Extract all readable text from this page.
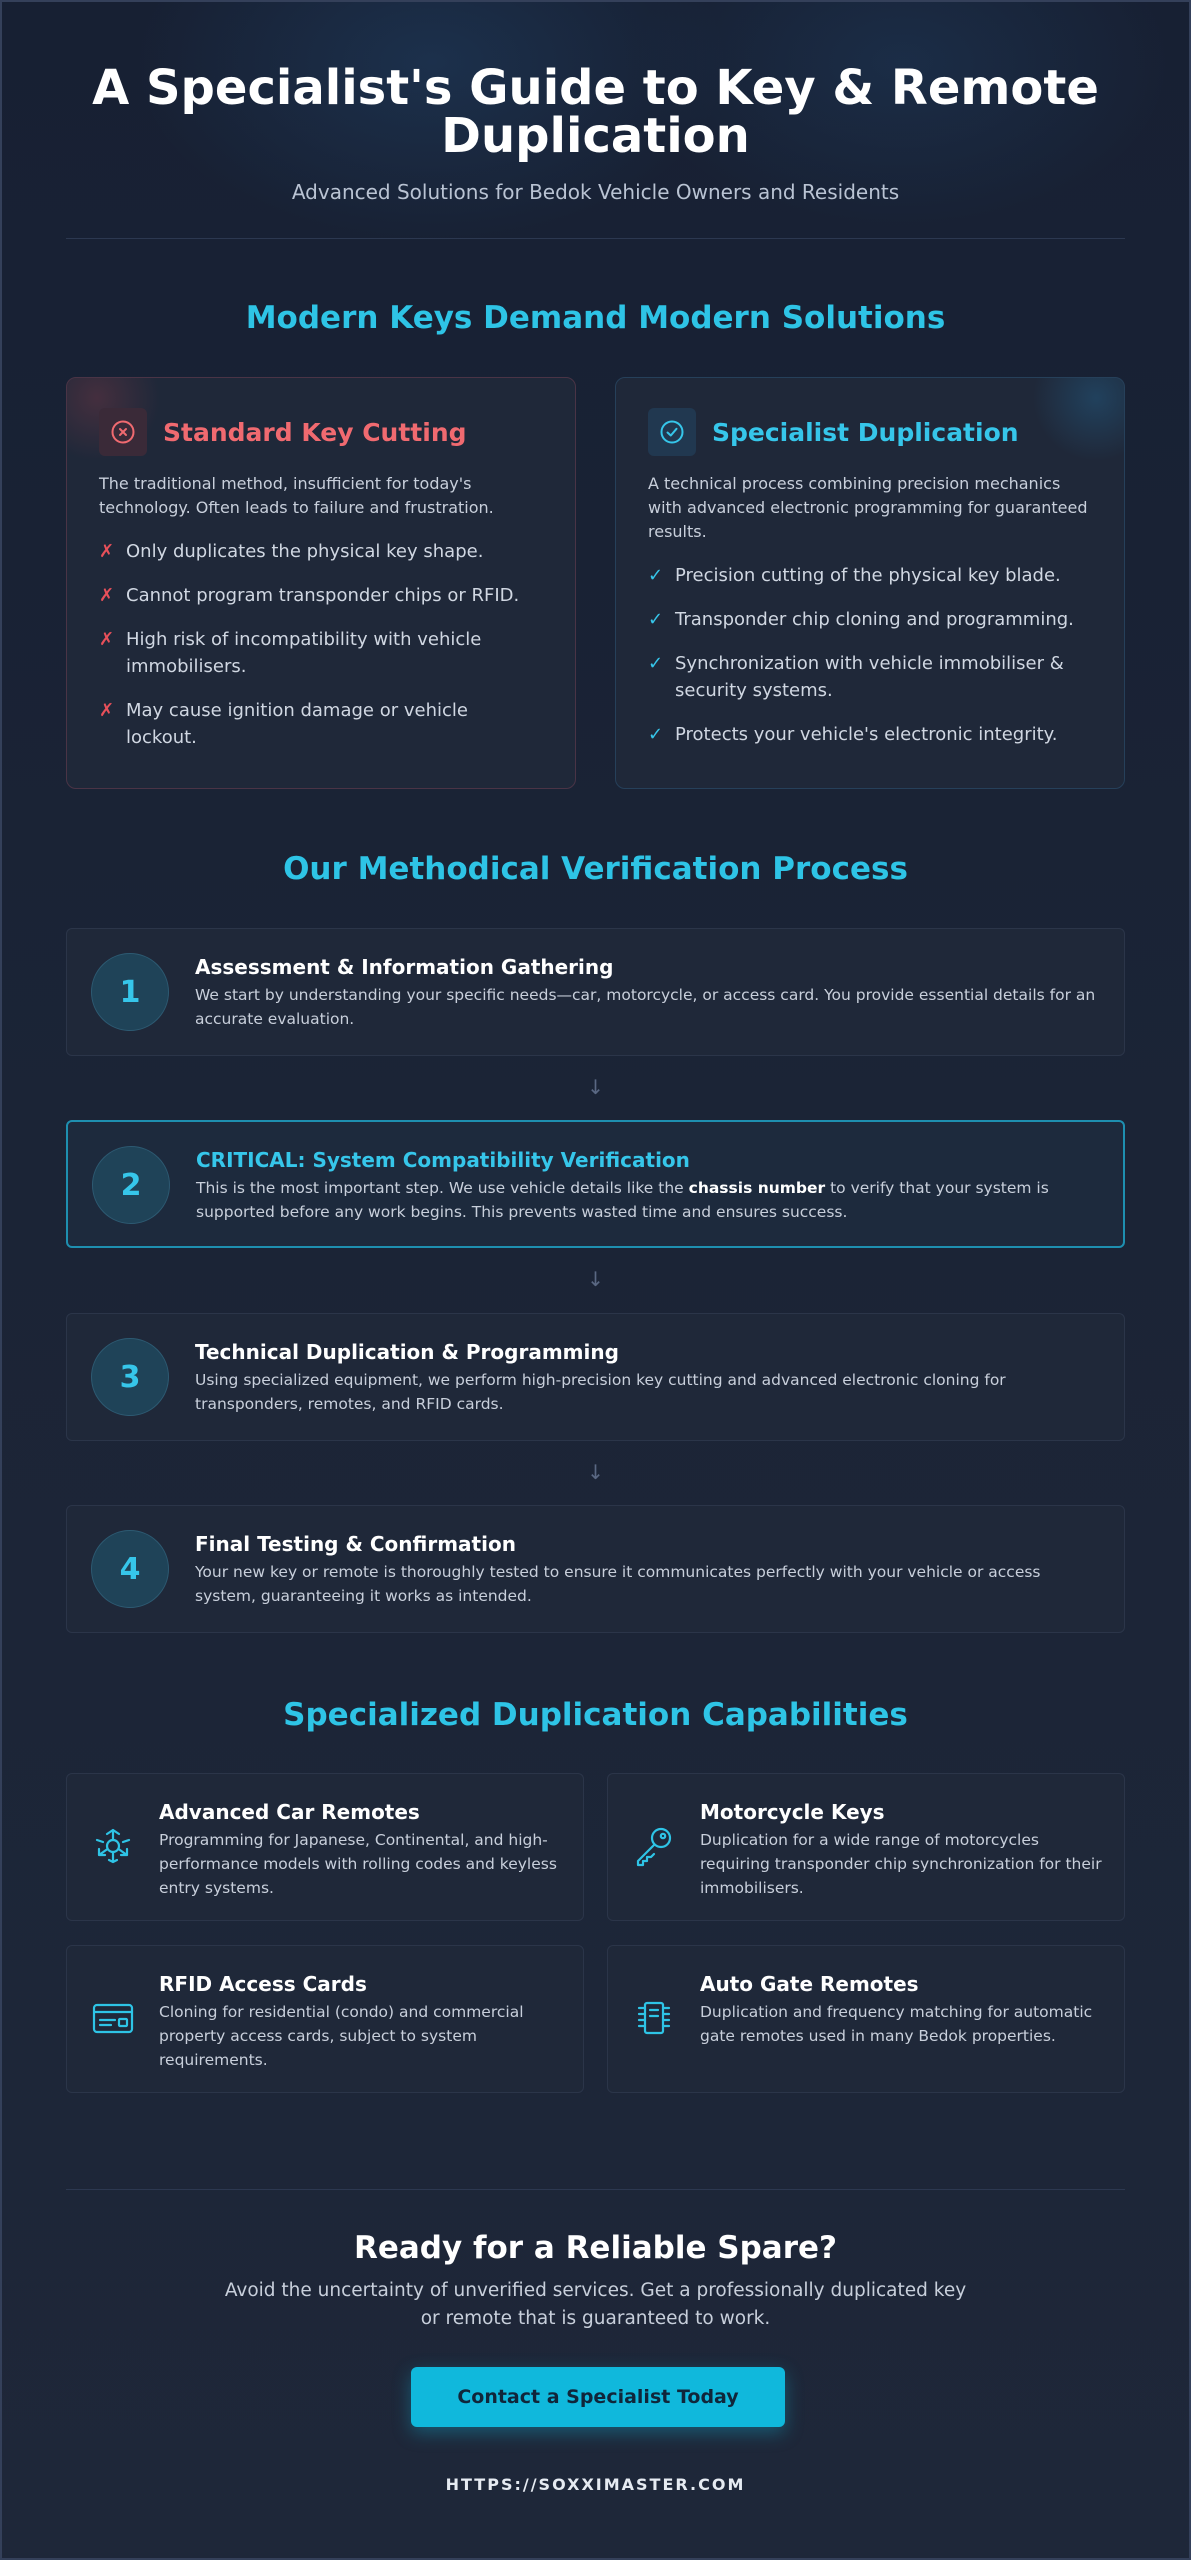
A Specialist's Guide to Key & Remote
Duplication
Advanced Solutions for Bedok Vehicle Owners and Residents
Modern Keys Demand Modern Solutions
Standard Key Cutting

The traditional method, insufficient for today's technology. Often leads to failure and frustration.

✗ Only duplicates the physical key shape.
✗ Cannot program transponder chips or RFID.
✗ High risk of incompatibility with vehicle immobilisers.
✗ May cause ignition damage or vehicle lockout.
Specialist Duplication

A technical process combining precision mechanics with advanced electronic programming for guaranteed results.

✓ Precision cutting of the physical key blade.
✓ Transponder chip cloning and programming.
✓ Synchronization with vehicle immobiliser & security systems.
✓ Protects your vehicle's electronic integrity.
Our Methodical Verification Process
1
Assessment & Information Gathering
We start by understanding your specific needs—car, motorcycle, or access card. You provide essential details for an accurate evaluation.
↓
2
CRITICAL: System Compatibility Verification
This is the most important step. We use vehicle details like the chassis number to verify that your system is supported before any work begins. This prevents wasted time and ensures success.
↓
3
Technical Duplication & Programming
Using specialized equipment, we perform high-precision key cutting and advanced electronic cloning for transponders, remotes, and RFID cards.
↓
4
Final Testing & Confirmation
Your new key or remote is thoroughly tested to ensure it communicates perfectly with your vehicle or access system, guaranteeing it works as intended.
Specialized Duplication Capabilities
Advanced Car Remotes
Programming for Japanese, Continental, and high-performance models with rolling codes and keyless entry systems.
Motorcycle Keys
Duplication for a wide range of motorcycles requiring transponder chip synchronization for their immobilisers.
RFID Access Cards
Cloning for residential (condo) and commercial property access cards, subject to system requirements.
Auto Gate Remotes
Duplication and frequency matching for automatic gate remotes used in many Bedok properties.
Ready for a Reliable Spare?

Avoid the uncertainty of unverified services. Get a professionally duplicated key or remote that is guaranteed to work.

Contact a Specialist Today
HTTPS://SOXXIMASTER.COM
